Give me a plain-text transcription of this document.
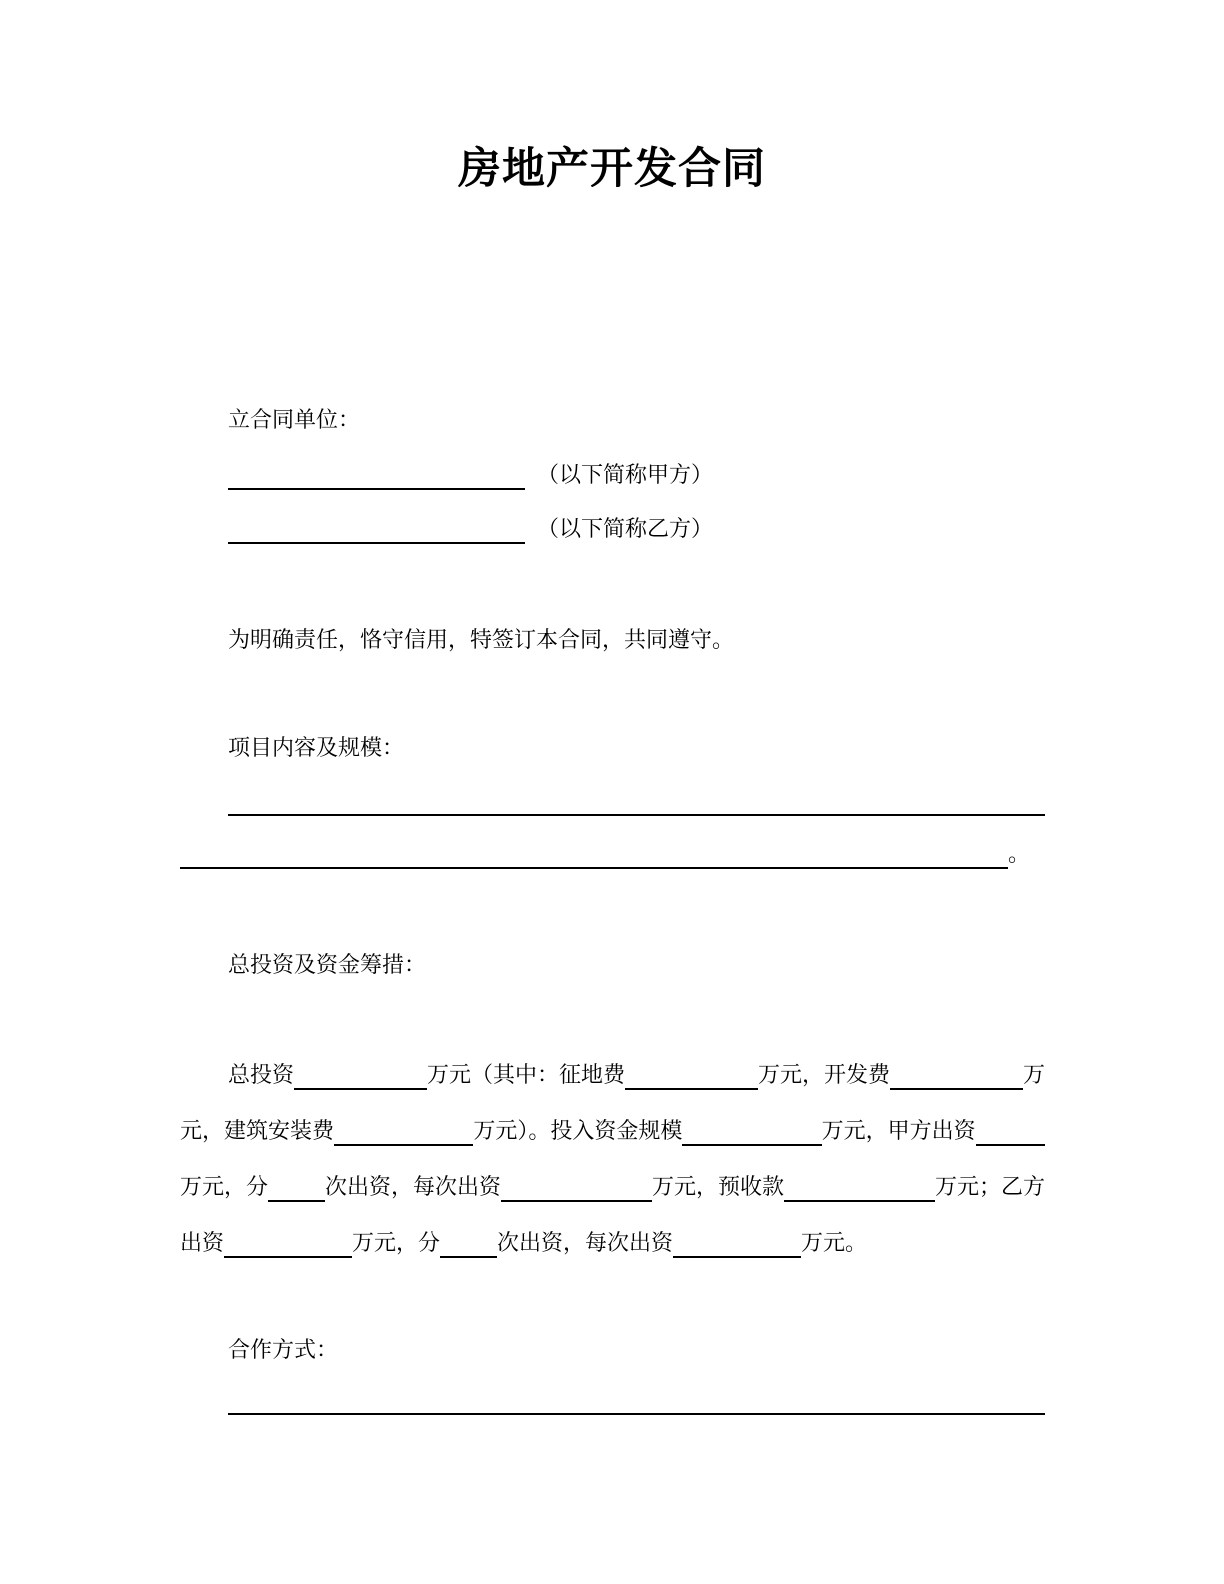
房地产开发合同
立合同单位：
（以下简称甲方）
（以下简称乙方）
为明确责任，恪守信用，特签订本合同，共同遵守。
项目内容及规模：
。
总投资及资金筹措：
总投资	万元（其中：征地费	万元，开发费	万
元，建筑安装费	万元）。投入资金规模	万元，甲方出资
万元，分	次出资，每次出资	万元，预收款	万元；乙方
出资	万元，分	次出资，每次出资	万元。
合作方式：
